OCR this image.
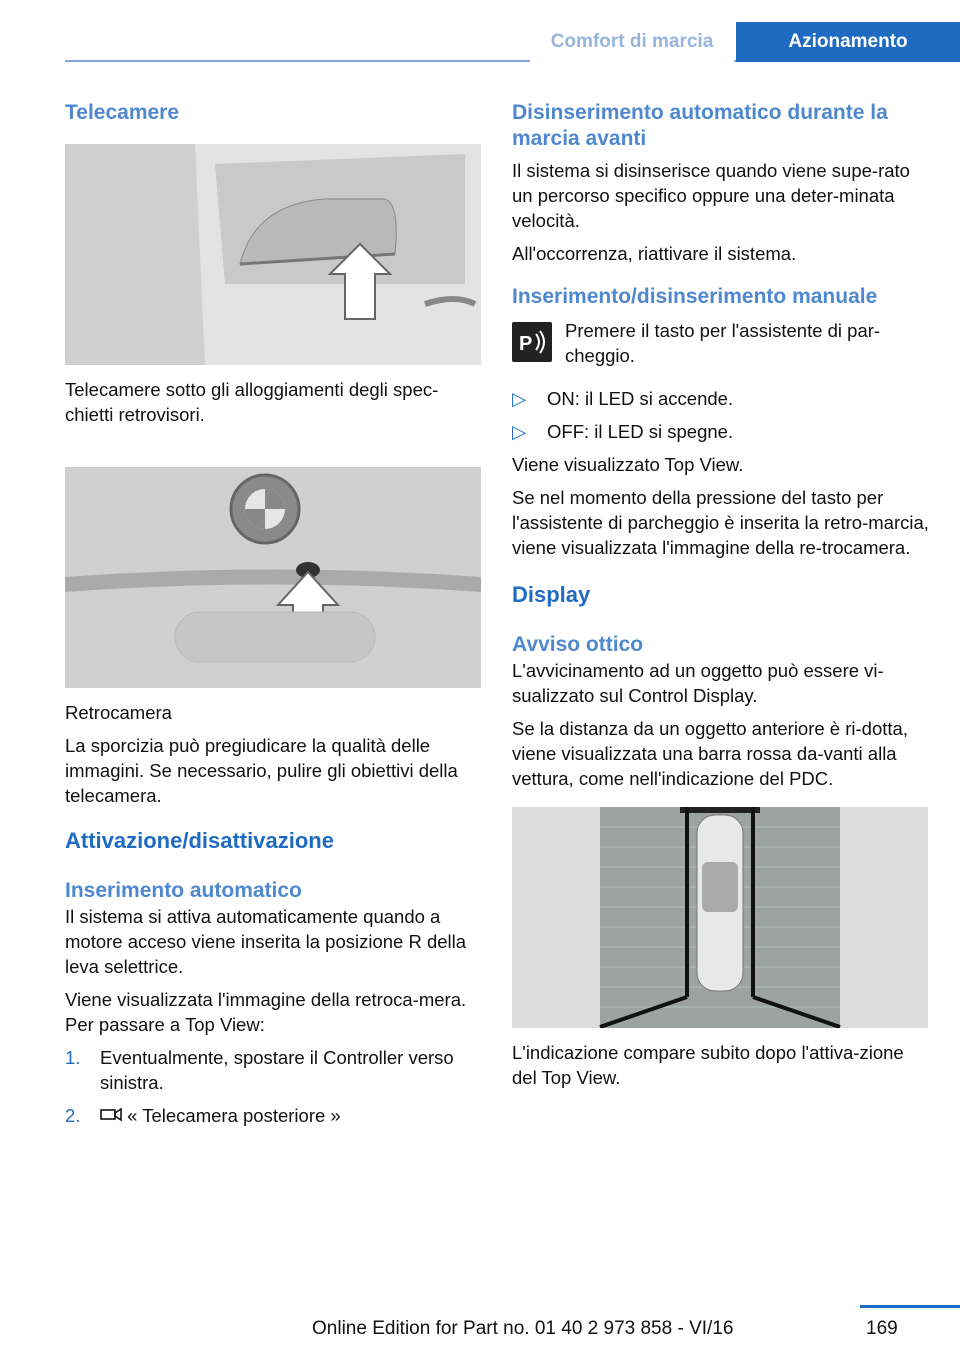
Comfort di marcia	Azionamento
Telecamere

Telecamere sotto gli alloggiamenti degli spec-
chietti retrovisori.

Retrocamera

La sporcizia può pregiudicare la qualità delle immagini. Se necessario, pulire gli obiettivi della telecamera.

Attivazione/disattivazione
Inserimento automatico

Il sistema si attiva automaticamente quando a motore acceso viene inserita la posizione R della leva selettrice.

Viene visualizzata l'immagine della retroca-mera. Per passare a Top View:

1. Eventualmente, spostare il Controller verso sinistra.
2.	« Telecamera posteriore »
Disinserimento automatico durante la marcia avanti

Il sistema si disinserisce quando viene supe-rato un percorso specifico oppure una deter-minata velocità.

All'occorrenza, riattivare il sistema.

Inserimento/disinserimento manuale
P

Premere il tasto per l'assistente di par-cheggio.

▷ ON: il LED si accende.
▷ OFF: il LED si spegne.

Viene visualizzato Top View.

Se nel momento della pressione del tasto per l'assistente di parcheggio è inserita la retro-marcia, viene visualizzata l'immagine della re-trocamera.

Display
Avviso ottico

L'avvicinamento ad un oggetto può essere vi-sualizzato sul Control Display.

Se la distanza da un oggetto anteriore è ri-dotta, viene visualizzata una barra rossa da-vanti alla vettura, come nell'indicazione del PDC.

L'indicazione compare subito dopo l'attiva-zione del Top View.

169
Online Edition for Part no. 01 40 2 973 858 - VI/16
